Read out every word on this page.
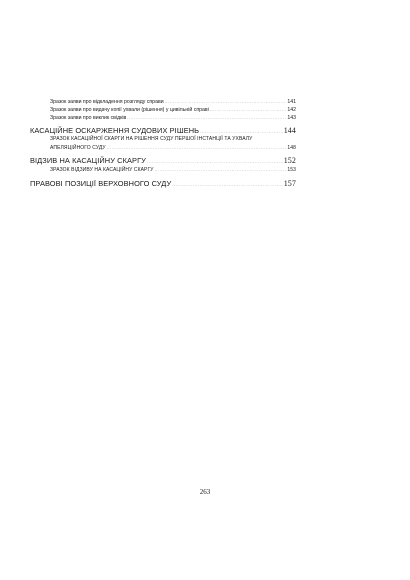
Зразок заяви про відкладення розгляду справи .....	141
Зразок заяви про видачу копії ухвали (рішення) у цивільній справі .....	142
Зразок заяви про виклик свідків .....	143
КАСАЦІЙНЕ ОСКАРЖЕННЯ СУДОВИХ РІШЕНЬ .....	144
ЗРАЗОК КАСАЦІЙНОЇ СКАРГИ НА РІШЕННЯ СУДУ ПЕРШОЇ ІНСТАНЦІЇ ТА УХВАЛУ
АПЕЛЯЦІЙНОГО СУДУ .....	148
ВІДЗИВ НА КАСАЦІЙНУ СКАРГУ .....	152
ЗРАЗОК ВІДЗИВУ НА КАСАЦІЙНУ СКАРГУ .....	153
ПРАВОВІ ПОЗИЦІЇ ВЕРХОВНОГО СУДУ .....	157
263
